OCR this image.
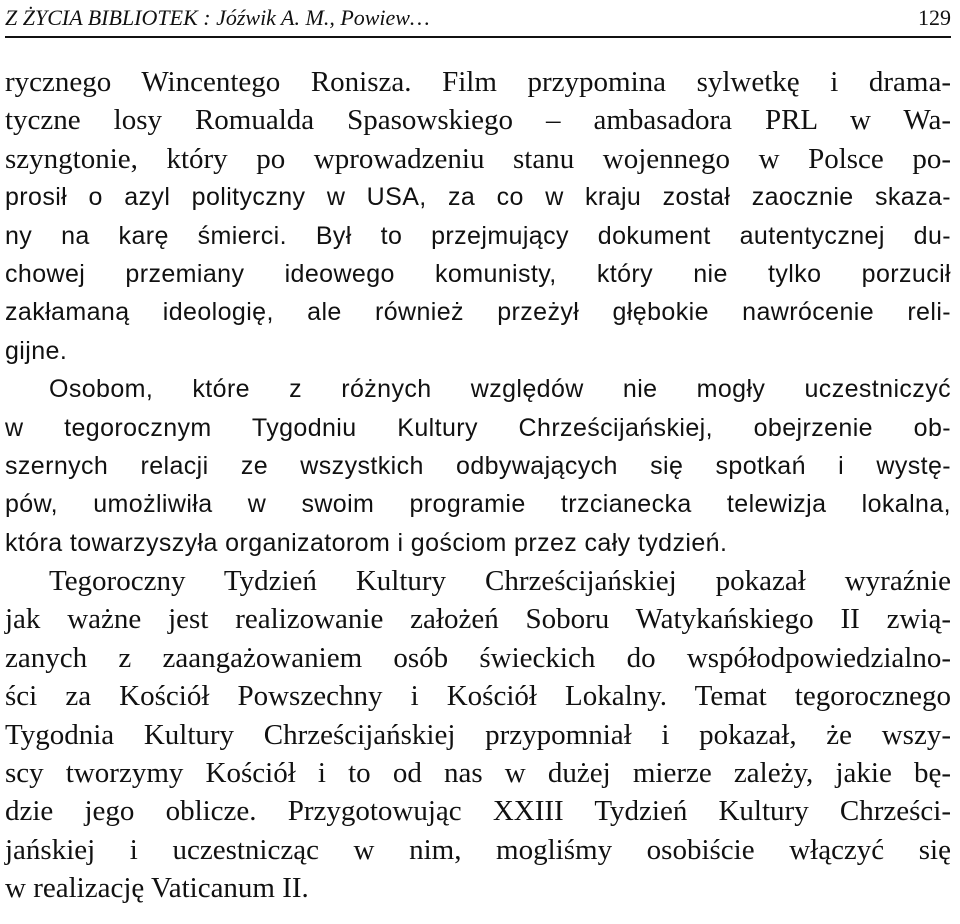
Z ŻYCIA BIBLIOTEK : Jóźwik A. M., Powiew…	129
rycznego Wincentego Ronisza. Film przypomina sylwetkę i drama-
tyczne losy Romualda Spasowskiego – ambasadora PRL w Wa-
szyngtonie, który po wprowadzeniu stanu wojennego w Polsce po-
prosił o azyl polityczny w USA, za co w kraju został zaocznie skaza-
ny na karę śmierci. Był to przejmujący dokument autentycznej du-
chowej przemiany ideowego komunisty, który nie tylko porzucił
zakłamaną ideologię, ale również przeżył głębokie nawrócenie reli-
gijne.
Osobom, które z różnych względów nie mogły uczestniczyć
w tegorocznym Tygodniu Kultury Chrześcijańskiej, obejrzenie ob-
szernych relacji ze wszystkich odbywających się spotkań i wystę-
pów, umożliwiła w swoim programie trzcianecka telewizja lokalna,
która towarzyszyła organizatorom i gościom przez cały tydzień.
Tegoroczny Tydzień Kultury Chrześcijańskiej pokazał wyraźnie
jak ważne jest realizowanie założeń Soboru Watykańskiego II zwią-
zanych z zaangażowaniem osób świeckich do współodpowiedzialno-
ści za Kościół Powszechny i Kościół Lokalny. Temat tegorocznego
Tygodnia Kultury Chrześcijańskiej przypomniał i pokazał, że wszy-
scy tworzymy Kościół i to od nas w dużej mierze zależy, jakie bę-
dzie jego oblicze. Przygotowując XXIII Tydzień Kultury Chrześci-
jańskiej i uczestnicząc w nim, mogliśmy osobiście włączyć się
w realizację Vaticanum II.
